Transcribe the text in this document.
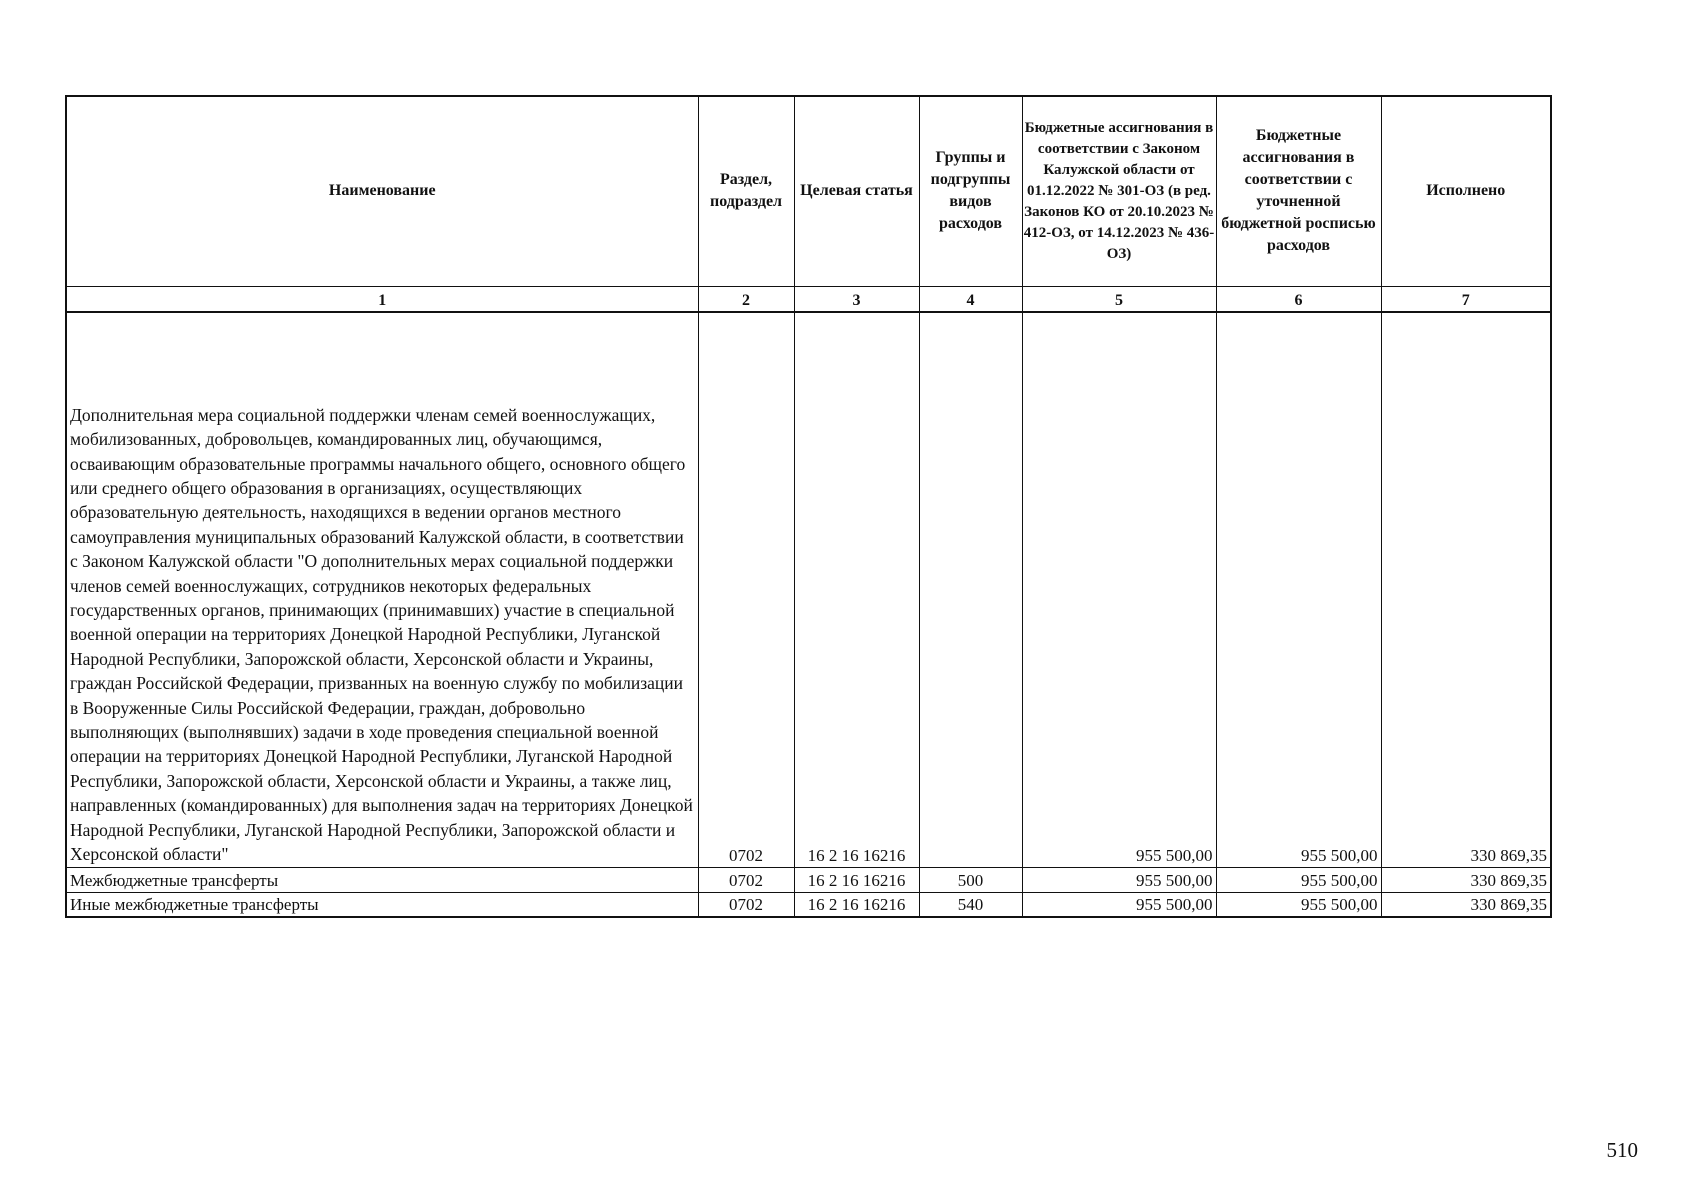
Наименование	Раздел, подраздел	Целевая статья	Группы и подгруппы видов расходов	Бюджетные ассигнования в соответствии с Законом Калужской области от 01.12.2022 № 301-ОЗ (в ред. Законов КО от 20.10.2023 № 412-ОЗ, от 14.12.2023 № 436-ОЗ)	Бюджетные ассигнования в соответствии с уточненной бюджетной росписью расходов	Исполнено
1	2	3	4	5	6	7
Дополнительная мера социальной поддержки членам семей военнослужащих, мобилизованных, добровольцев, командированных лиц, обучающимся, осваивающим образовательные программы начального общего, основного общего или среднего общего образования в организациях, осуществляющих образовательную деятельность, находящихся в ведении органов местного самоуправления муниципальных образований Калужской области, в соответствии с Законом Калужской области "О дополнительных мерах социальной поддержки членов семей военнослужащих, сотрудников некоторых федеральных государственных органов, принимающих (принимавших) участие в специальной военной операции на территориях Донецкой Народной Республики, Луганской Народной Республики, Запорожской области, Херсонской области и Украины, граждан Российской Федерации, призванных на военную службу по мобилизации в Вооруженные Силы Российской Федерации, граждан, добровольно выполняющих (выполнявших) задачи в ходе проведения специальной военной операции на территориях Донецкой Народной Республики, Луганской Народной Республики, Запорожской области, Херсонской области и Украины, а также лиц, направленных (командированных) для выполнения задач на территориях Донецкой Народной Республики, Луганской Народной Республики, Запорожской области и Херсонской области"	0702	16 2 16 16216		955 500,00	955 500,00	330 869,35
Межбюджетные трансферты	0702	16 2 16 16216	500	955 500,00	955 500,00	330 869,35
Иные межбюджетные трансферты	0702	16 2 16 16216	540	955 500,00	955 500,00	330 869,35
510
